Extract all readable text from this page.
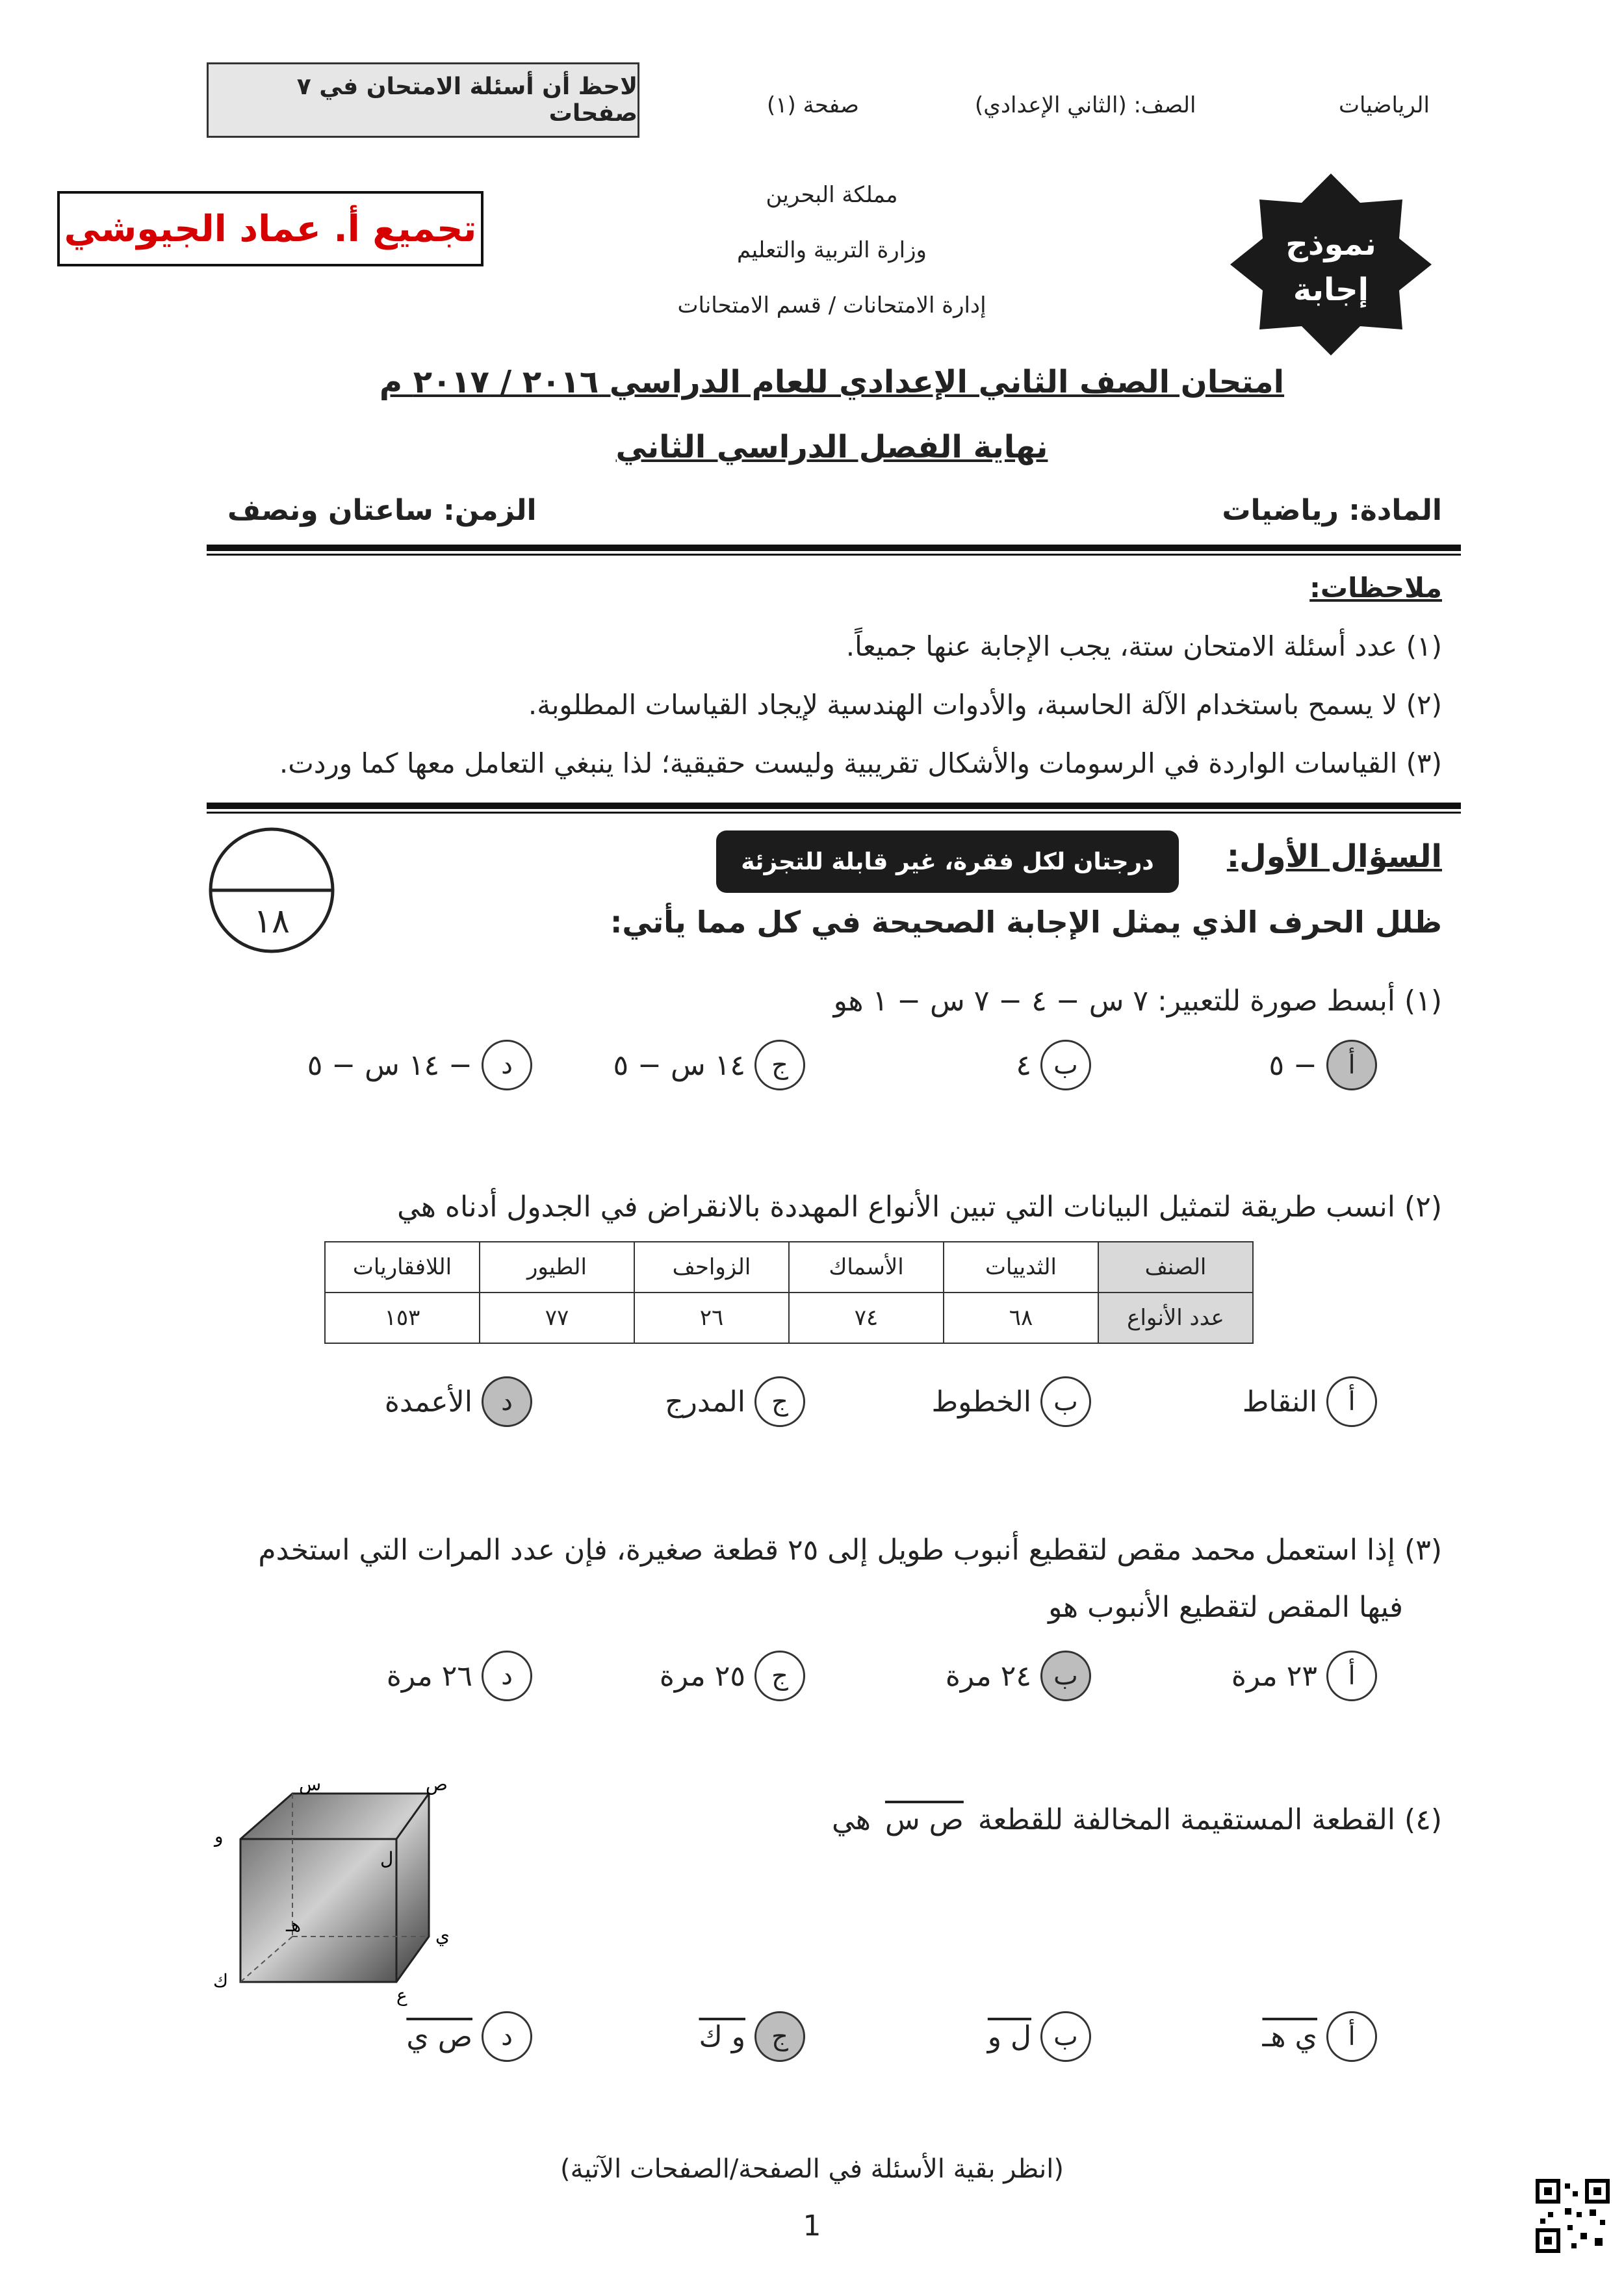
لاحظ أن أسئلة الامتحان في ٧ صفحات	صفحة (١)	الصف: (الثاني الإعدادي)	الرياضيات
نموذج
إجابة
تجميع أ. عماد الجيوشي
مملكة البحرين
وزارة التربية والتعليم
إدارة الامتحانات / قسم الامتحانات
امتحان الصف الثاني الإعدادي للعام الدراسي ٢٠١٦ / ٢٠١٧ م
نهاية الفصل الدراسي الثاني
المادة: رياضيات
الزمن: ساعتان ونصف
ملاحظات:
(١) عدد أسئلة الامتحان ستة، يجب الإجابة عنها جميعاً.
(٢) لا يسمح باستخدام الآلة الحاسبة، والأدوات الهندسية لإيجاد القياسات المطلوبة.
(٣) القياسات الواردة في الرسومات والأشكال تقريبية وليست حقيقية؛ لذا ينبغي التعامل معها كما وردت.
السؤال الأول:
درجتان لكل فقرة، غير قابلة للتجزئة
١٨	ظلل الحرف الذي يمثل الإجابة الصحيحة في كل مما يأتي:
(١) أبسط صورة للتعبير: ٧ س − ٤ − ٧ س − ١ هو
أ
− ٥
ب
٤
ج
١٤ س − ٥
د
− ١٤ س − ٥
(٢) انسب طريقة لتمثيل البيانات التي تبين الأنواع المهددة بالانقراض في الجدول أدناه هي
الصنف	الثدييات	الأسماك	الزواحف	الطيور	اللافقاريات
عدد الأنواع	٦٨	٧٤	٢٦	٧٧	١٥٣
أ
النقاط
ب
الخطوط
ج
المدرج
د
الأعمدة
(٣) إذا استعمل محمد مقص لتقطيع أنبوب طويل إلى ٢٥ قطعة صغيرة، فإن عدد المرات التي استخدم
فيها المقص لتقطيع الأنبوب هو
أ
٢٣ مرة
ب
٢٤ مرة
ج
٢٥ مرة
د
٢٦ مرة
(٤) القطعة المستقيمة المخالفة للقطعة
ص س
هي
س	ص
و
ل
هـ	ي
ع
ك
أ
ي هـ
ب
ل و
ج
و ك
د
ص ي
(انظر بقية الأسئلة في الصفحة/الصفحات الآتية)
1
